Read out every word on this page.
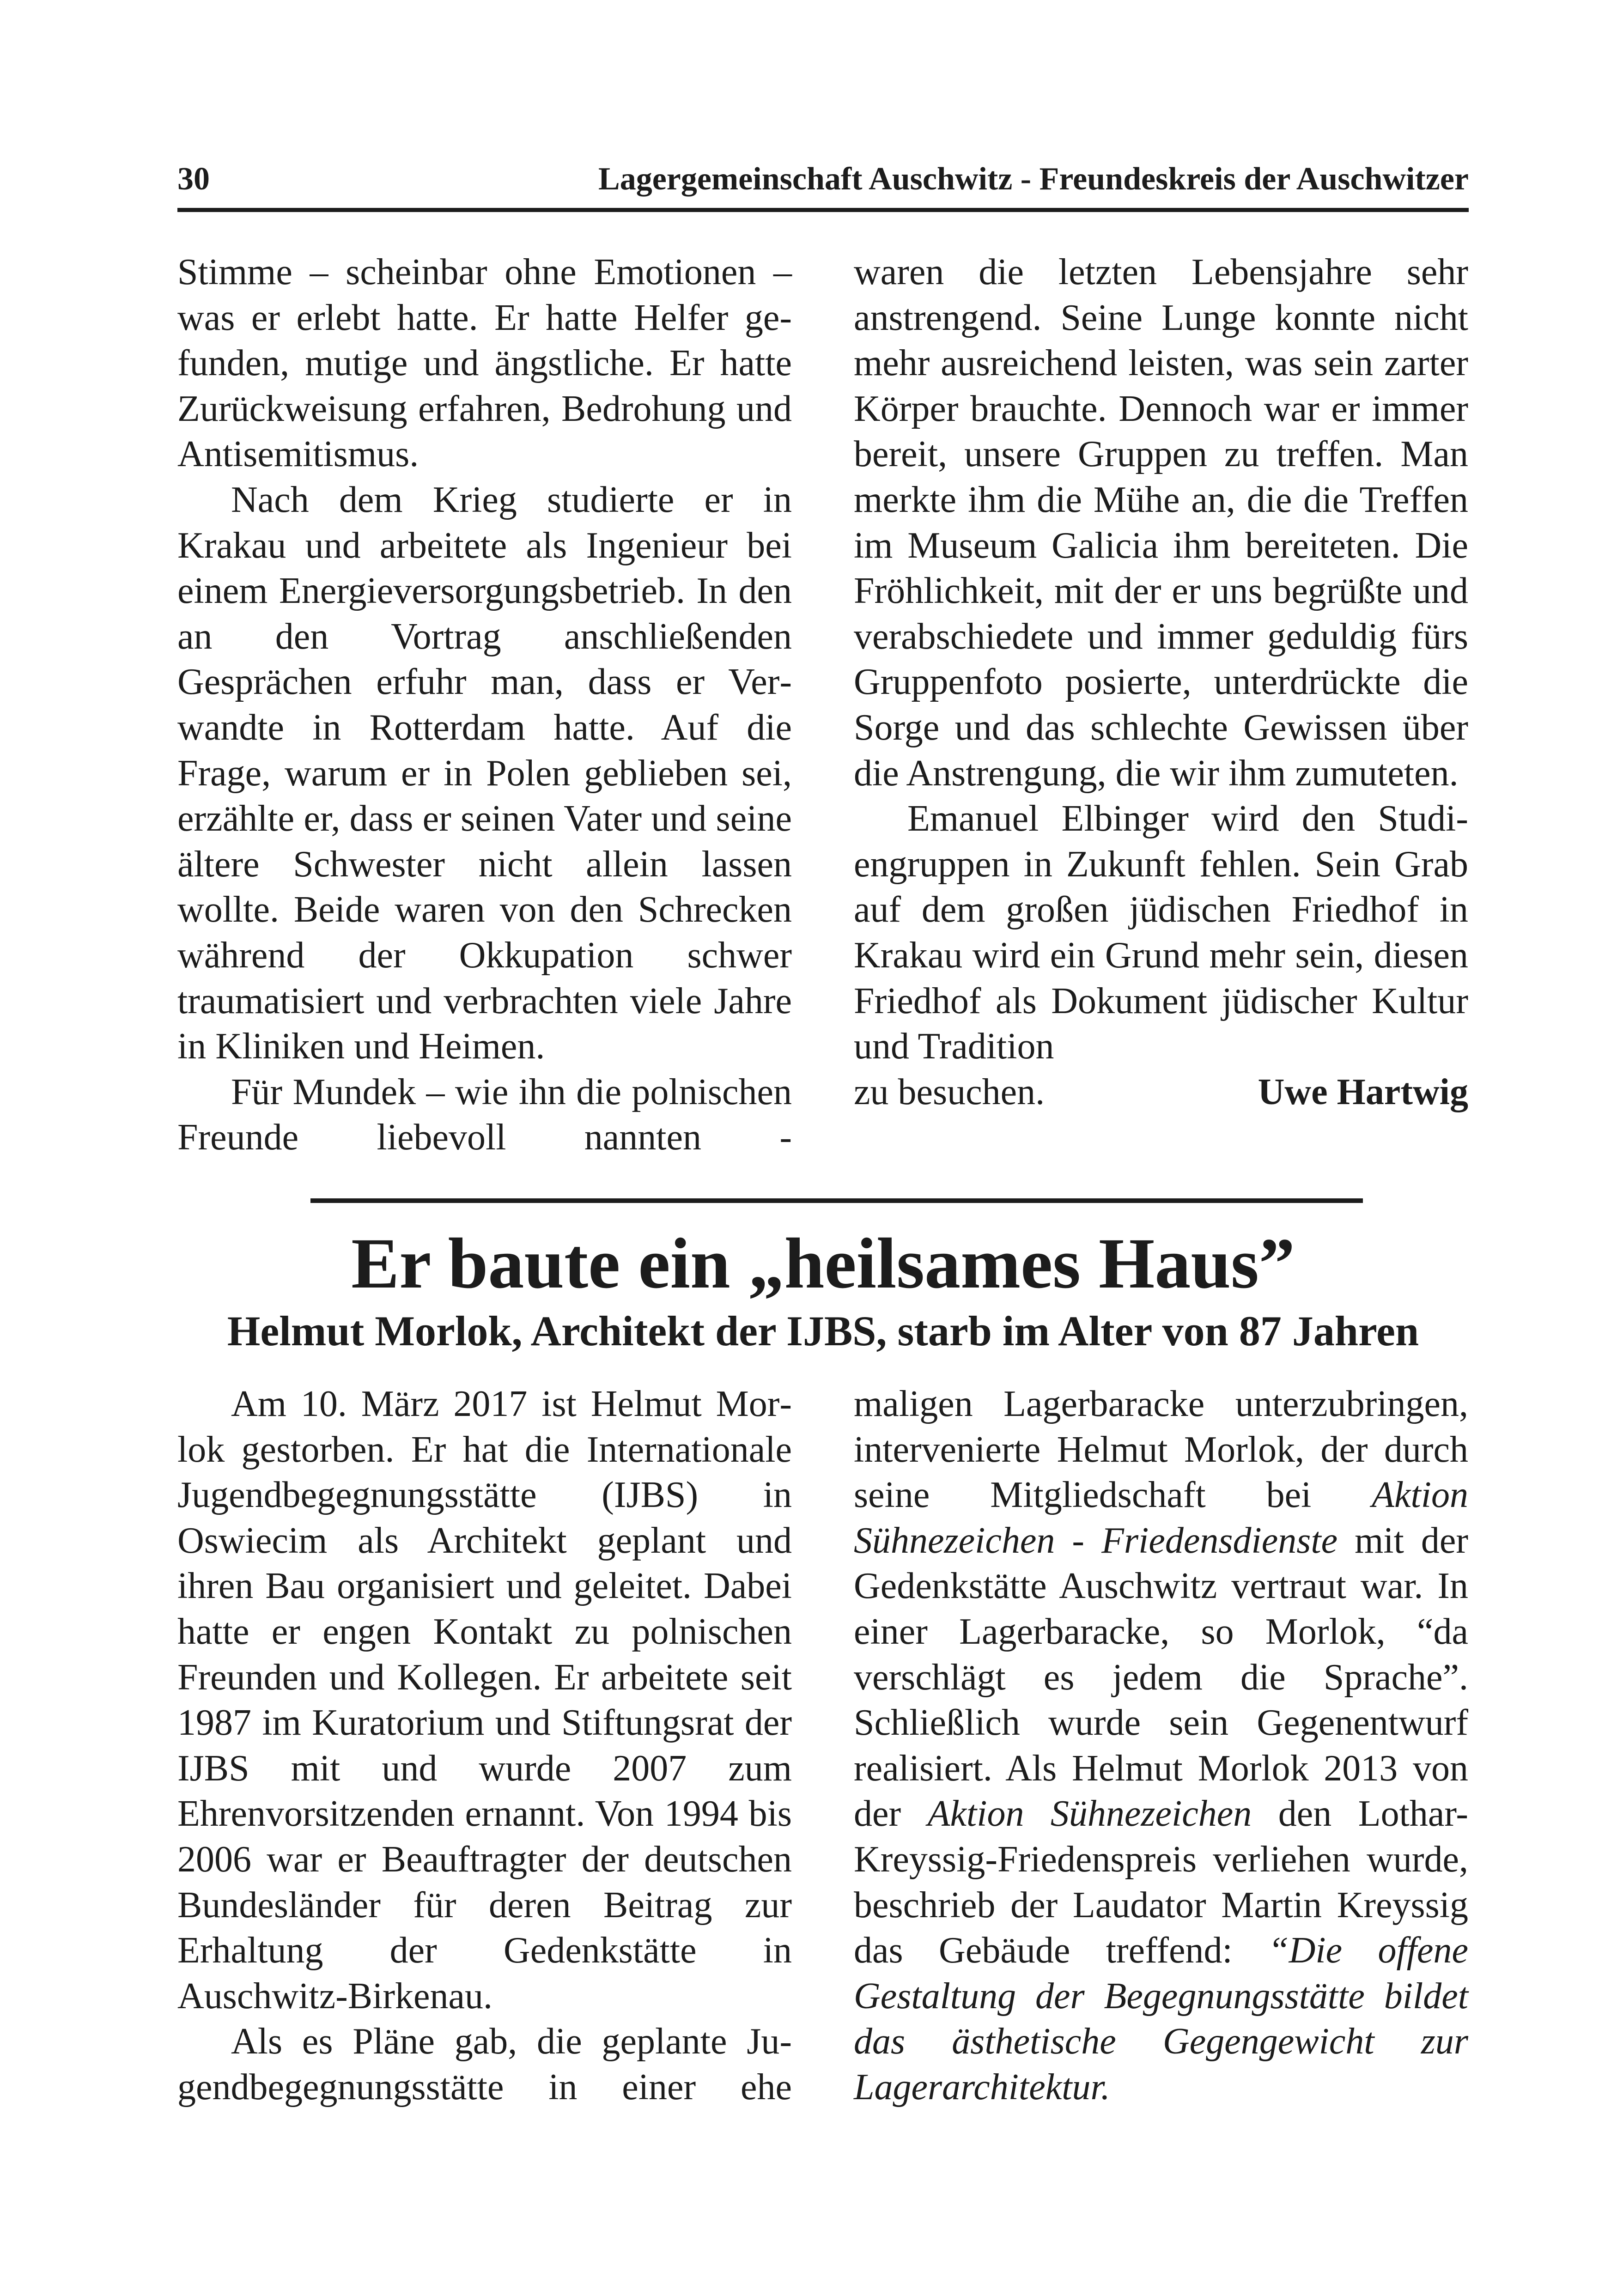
30	Lagergemeinschaft Auschwitz - Freundeskreis der Auschwitzer

Stimme – scheinbar ohne Emotionen – was er erlebt hatte. Er hatte Helfer gefunden, mutige und ängstliche. Er hatte Zurückweisung erfahren, Bedrohung und Antisemitismus.

Nach dem Krieg studierte er in Krakau und arbeitete als Ingenieur bei einem Energieversorgungsbetrieb. In den an den Vortrag anschließenden Gesprächen erfuhr man, dass er Verwandte in Rotterdam hatte. Auf die Frage, warum er in Polen geblieben sei, erzählte er, dass er seinen Vater und seine ältere Schwester nicht allein lassen wollte. Beide waren von den Schrecken während der Okkupation schwer traumatisiert und verbrachten viele Jahre in Kliniken und Heimen.

Für Mundek – wie ihn die polnischen Freunde liebevoll nannten -

waren die letzten Lebensjahre sehr anstrengend. Seine Lunge konnte nicht mehr ausreichend leisten, was sein zarter Körper brauchte. Dennoch war er immer bereit, unsere Gruppen zu treffen. Man merkte ihm die Mühe an, die die Treffen im Museum Galicia ihm bereiteten. Die Fröhlichkeit, mit der er uns begrüßte und verabschiedete und immer geduldig fürs Gruppenfoto posierte, unterdrückte die Sorge und das schlechte Gewissen über die Anstrengung, die wir ihm zumuteten.

Emanuel Elbinger wird den Studiengruppen in Zukunft fehlen. Sein Grab auf dem großen jüdischen Friedhof in Krakau wird ein Grund mehr sein, diesen Friedhof als Dokument jüdischer Kultur und Tradition

zu besuchen.	Uwe Hartwig

Er baute ein „heilsames Haus”
Helmut Morlok, Architekt der IJBS, starb im Alter von 87 Jahren

Am 10. März 2017 ist Helmut Morlok gestorben. Er hat die Internationale Jugendbegegnungsstätte (IJBS) in Oswiecim als Architekt geplant und ihren Bau organisiert und geleitet. Dabei hatte er engen Kontakt zu polnischen Freunden und Kollegen. Er arbeitete seit 1987 im Kuratorium und Stiftungsrat der IJBS mit und wurde 2007 zum Ehrenvorsitzenden ernannt. Von 1994 bis 2006 war er Beauftragter der deutschen Bundesländer für deren Beitrag zur Erhaltung der Gedenkstätte in Auschwitz-Birkenau.

Als es Pläne gab, die geplante Jugendbegegnungsstätte in einer ehe

maligen Lagerbaracke unterzubringen, intervenierte Helmut Morlok, der durch seine Mitgliedschaft bei Aktion Sühnezeichen - Friedensdienste mit der Gedenkstätte Auschwitz vertraut war. In einer Lagerbaracke, so Morlok, “da verschlägt es jedem die Sprache”. Schließlich wurde sein Gegenentwurf realisiert. Als Helmut Morlok 2013 von der Aktion Sühnezeichen den Lothar-Kreyssig-Friedenspreis verliehen wurde, beschrieb der Laudator Martin Kreyssig das Gebäude treffend: “Die offene Gestaltung der Begegnungsstätte bildet das ästhetische Gegengewicht zur Lagerarchitektur.
